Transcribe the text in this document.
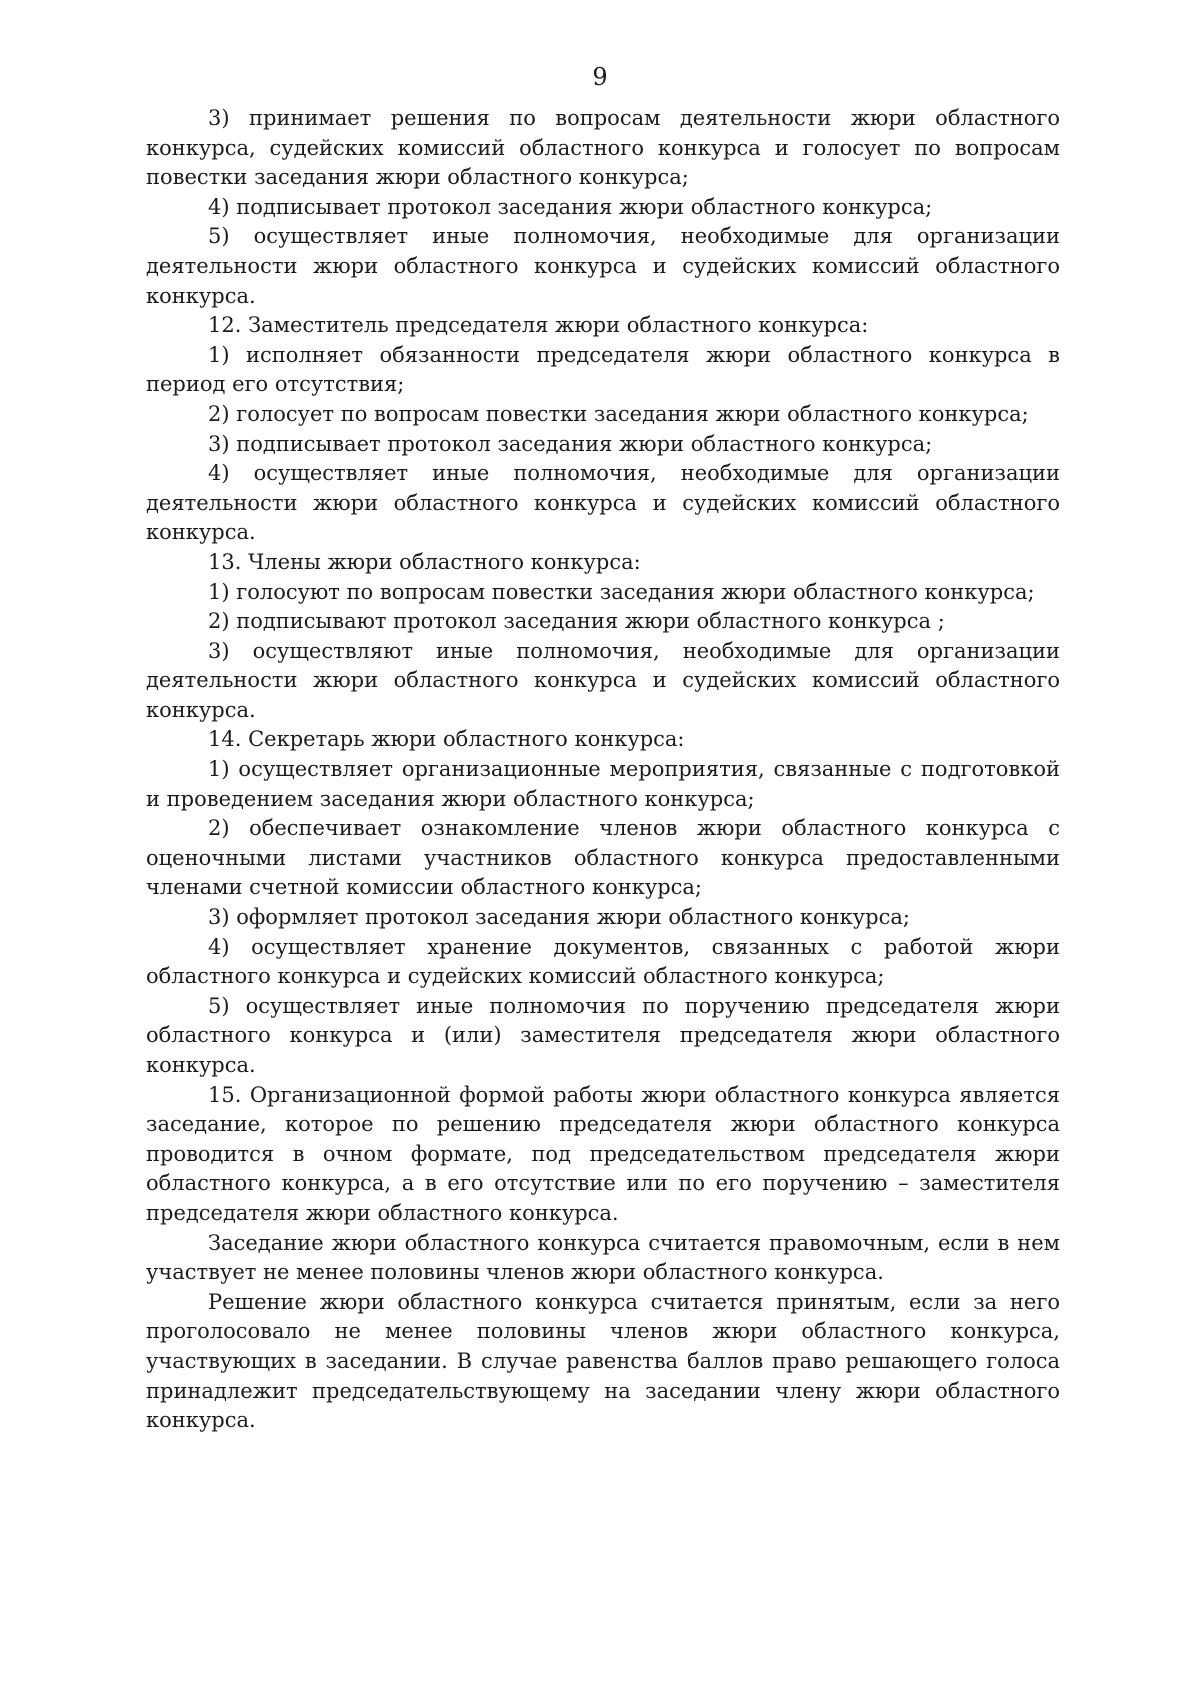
9

3) принимает решения по вопросам деятельности жюри областного конкурса, судейских комиссий областного конкурса и голосует по вопросам повестки заседания жюри областного конкурса;

4) подписывает протокол заседания жюри областного конкурса;

5) осуществляет иные полномочия, необходимые для организации деятельности жюри областного конкурса и судейских комиссий областного конкурса.

12. Заместитель председателя жюри областного конкурса:

1) исполняет обязанности председателя жюри областного конкурса в период его отсутствия;

2) голосует по вопросам повестки заседания жюри областного конкурса;

3) подписывает протокол заседания жюри областного конкурса;

4) осуществляет иные полномочия, необходимые для организации деятельности жюри областного конкурса и судейских комиссий областного конкурса.

13. Члены жюри областного конкурса:

1) голосуют по вопросам повестки заседания жюри областного конкурса;

2) подписывают протокол заседания жюри областного конкурса ;

3) осуществляют иные полномочия, необходимые для организации деятельности жюри областного конкурса и судейских комиссий областного конкурса.

14. Секретарь жюри областного конкурса:

1) осуществляет организационные мероприятия, связанные с подготовкой и проведением заседания жюри областного конкурса;

2) обеспечивает ознакомление членов жюри областного конкурса с оценочными листами участников областного конкурса предоставленными членами счетной комиссии областного конкурса;

3) оформляет протокол заседания жюри областного конкурса;

4) осуществляет хранение документов, связанных с работой жюри областного конкурса и судейских комиссий областного конкурса;

5) осуществляет иные полномочия по поручению председателя жюри областного конкурса и (или) заместителя председателя жюри областного конкурса.

15. Организационной формой работы жюри областного конкурса является заседание, которое по решению председателя жюри областного конкурса проводится в очном формате, под председательством председателя жюри областного конкурса, а в его отсутствие или по его поручению – заместителя председателя жюри областного конкурса.

Заседание жюри областного конкурса считается правомочным, если в нем участвует не менее половины членов жюри областного конкурса.

Решение жюри областного конкурса считается принятым, если за него проголосовало не менее половины членов жюри областного конкурса, участвующих в заседании. В случае равенства баллов право решающего голоса принадлежит председательствующему на заседании члену жюри областного конкурса.
